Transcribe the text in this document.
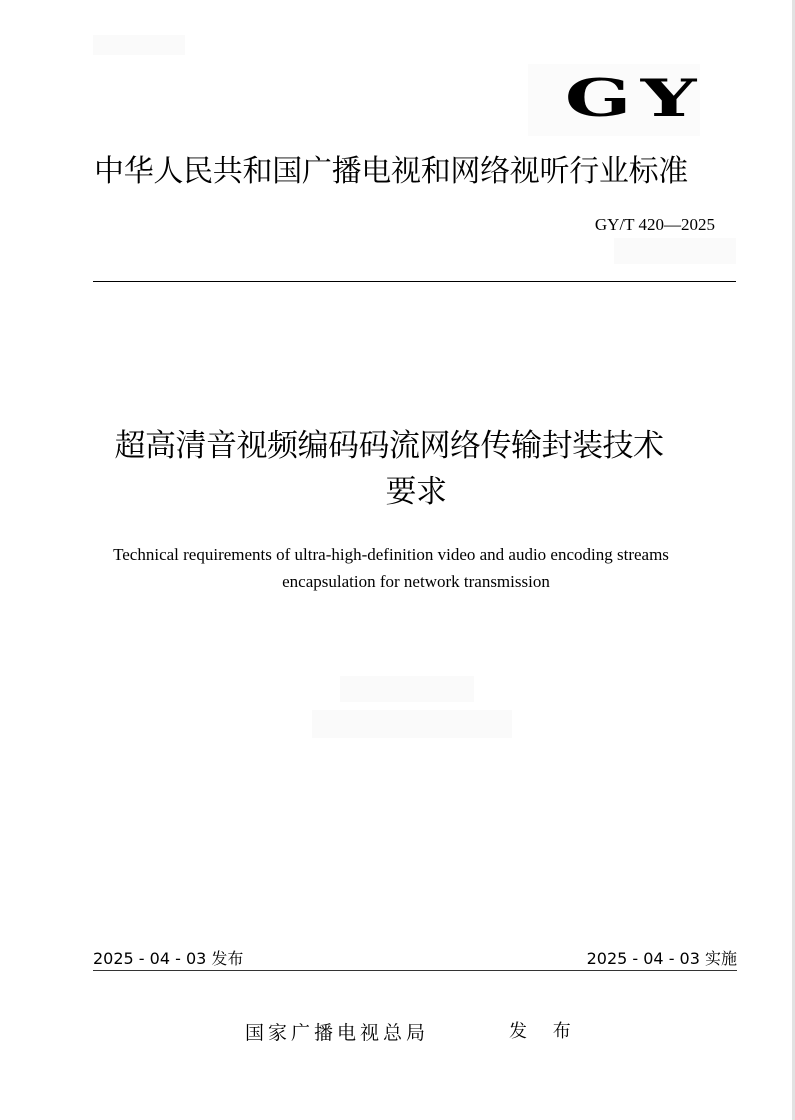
GY
中华人民共和国广播电视和网络视听行业标准
GY/T 420—2025
超高清音视频编码码流网络传输封装技术
要求
Technical requirements of ultra-high-definition video and audio encoding streams
encapsulation for network transmission
2025 - 04 - 03 发布	2025 - 04 - 03 实施
国家广播电视总局	发 布
